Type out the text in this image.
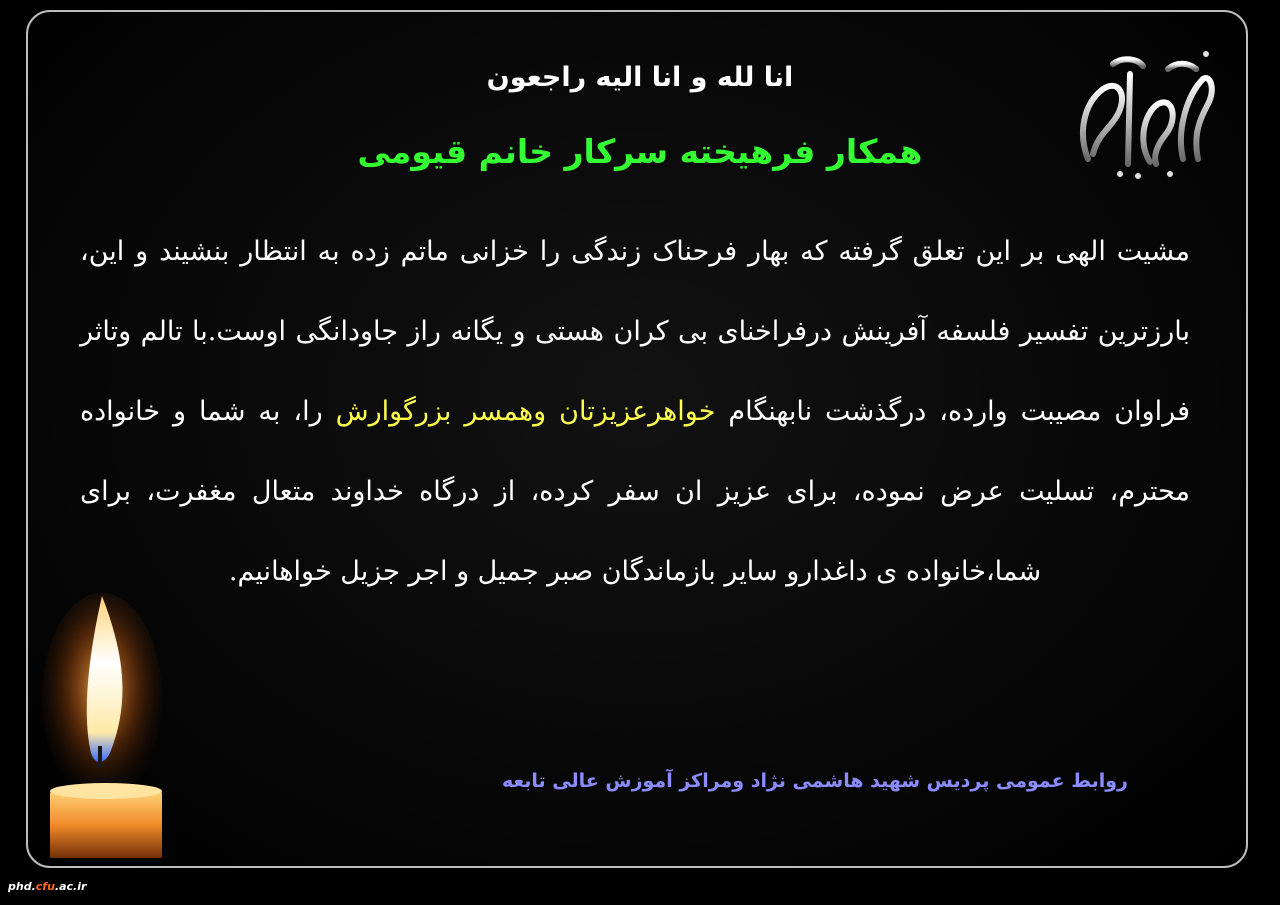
انا لله و انا الیه راجعون
همکار فرهیخته سرکار خانم قیومی
مشیت الهی بر این تعلق گرفته که بهار فرحناک زندگی را خزانی ماتم زده به انتظار بنشیند و این، بارزترین تفسیر فلسفه آفرینش درفراخنای بی کران هستی و یگانه راز جاودانگی اوست.با تالم وتاثر فراوان مصیبت وارده، درگذشت نابهنگام خواهرعزیزتان وهمسر بزرگوارش را، به شما و خانواده محترم، تسلیت عرض نموده، برای عزیز ان سفر کرده، از درگاه خداوند متعال مغفرت، برای شما،خانواده ی داغدارو سایر بازماندگان صبر جمیل و اجر جزیل خواهانیم.
روابط عمومی پردیس شهید هاشمی نژاد ومراکز آموزش عالی تابعه
phd.cfu.ac.ir
